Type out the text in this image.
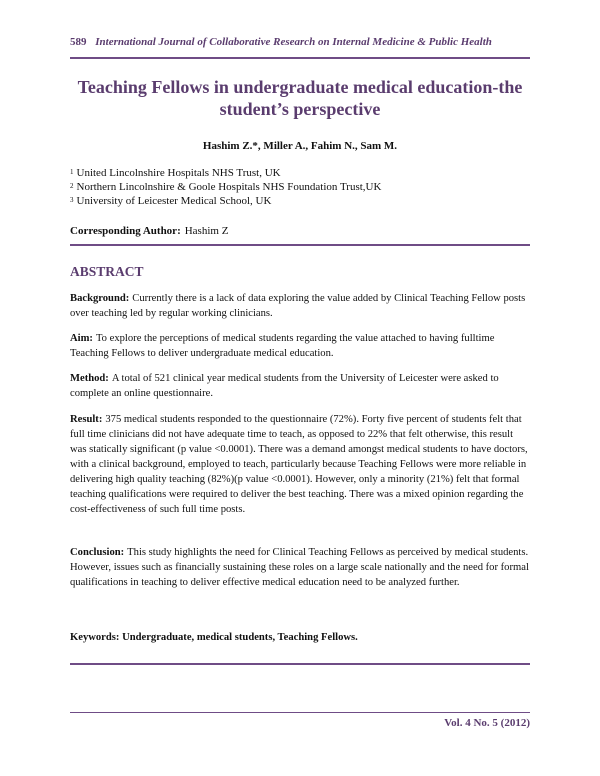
589 International Journal of Collaborative Research on Internal Medicine & Public Health
Teaching Fellows in undergraduate medical education-the student’s perspective
Hashim Z.*, Miller A., Fahim N., Sam M.
$^1$ United Lincolnshire Hospitals NHS Trust, UK
$^2$ Northern Lincolnshire & Goole Hospitals NHS Foundation Trust,UK
$^3$ University of Leicester Medical School, UK
Corresponding Author: Hashim Z
ABSTRACT
Background: Currently there is a lack of data exploring the value added by Clinical Teaching Fellow posts over teaching led by regular working clinicians.
Aim: To explore the perceptions of medical students regarding the value attached to having fulltime Teaching Fellows to deliver undergraduate medical education.
Method: A total of 521 clinical year medical students from the University of Leicester were asked to complete an online questionnaire.
Result: 375 medical students responded to the questionnaire (72%). Forty five percent of students felt that full time clinicians did not have adequate time to teach, as opposed to 22% that felt otherwise, this result was statically significant (p value <0.0001). There was a demand amongst medical students to have doctors, with a clinical background, employed to teach, particularly because Teaching Fellows were more reliable in delivering high quality teaching (82%)(p value <0.0001). However, only a minority (21%) felt that formal teaching qualifications were required to deliver the best teaching. There was a mixed opinion regarding the cost-effectiveness of such full time posts.
Conclusion: This study highlights the need for Clinical Teaching Fellows as perceived by medical students. However, issues such as financially sustaining these roles on a large scale nationally and the need for formal qualifications in teaching to deliver effective medical education need to be analyzed further.
Keywords: Undergraduate, medical students, Teaching Fellows.
Vol. 4 No. 5 (2012)
